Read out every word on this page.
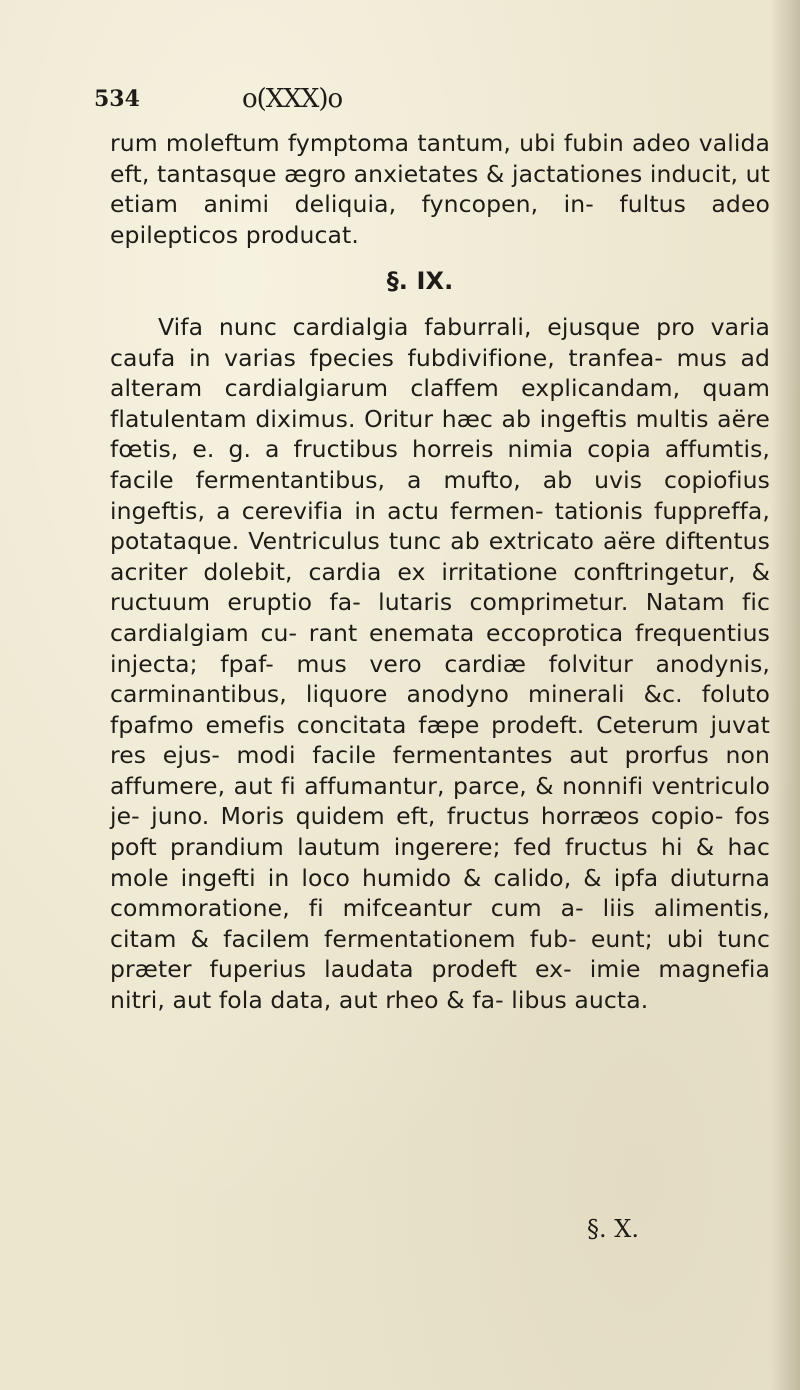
534	o(XXX)o

rum moleftum fymptoma tantum, ubi fubin adeo valida eft, tantasque ægro anxietates & jactationes inducit, ut etiam animi deliquia, fyncopen, in- fultus adeo epilepticos producat.

§. IX.

Vifa nunc cardialgia faburrali, ejusque pro varia caufa in varias fpecies fubdivifione, tranfea- mus ad alteram cardialgiarum claffem explicandam, quam flatulentam diximus. Oritur hæc ab ingeftis multis aëre fœtis, e. g. a fructibus horreis nimia copia affumtis, facile fermentantibus, a mufto, ab uvis copiofius ingeftis, a cerevifia in actu fermen- tationis fuppreffa, potataque. Ventriculus tunc ab extricato aëre diftentus acriter dolebit, cardia ex irritatione conftringetur, & ructuum eruptio fa- lutaris comprimetur. Natam fic cardialgiam cu- rant enemata eccoprotica frequentius injecta; fpaf- mus vero cardiæ folvitur anodynis, carminantibus, liquore anodyno minerali &c. foluto fpafmo emefis concitata fæpe prodeft. Ceterum juvat res ejus- modi facile fermentantes aut prorfus non affumere, aut fi affumantur, parce, & nonnifi ventriculo je- juno. Moris quidem eft, fructus horræos copio- fos poft prandium lautum ingerere; fed fructus hi & hac mole ingefti in loco humido & calido, & ipfa diuturna commoratione, fi mifceantur cum a- liis alimentis, citam & facilem fermentationem fub- eunt; ubi tunc præter fuperius laudata prodeft ex- imie magnefia nitri, aut fola data, aut rheo & fa- libus aucta.

§. X.
